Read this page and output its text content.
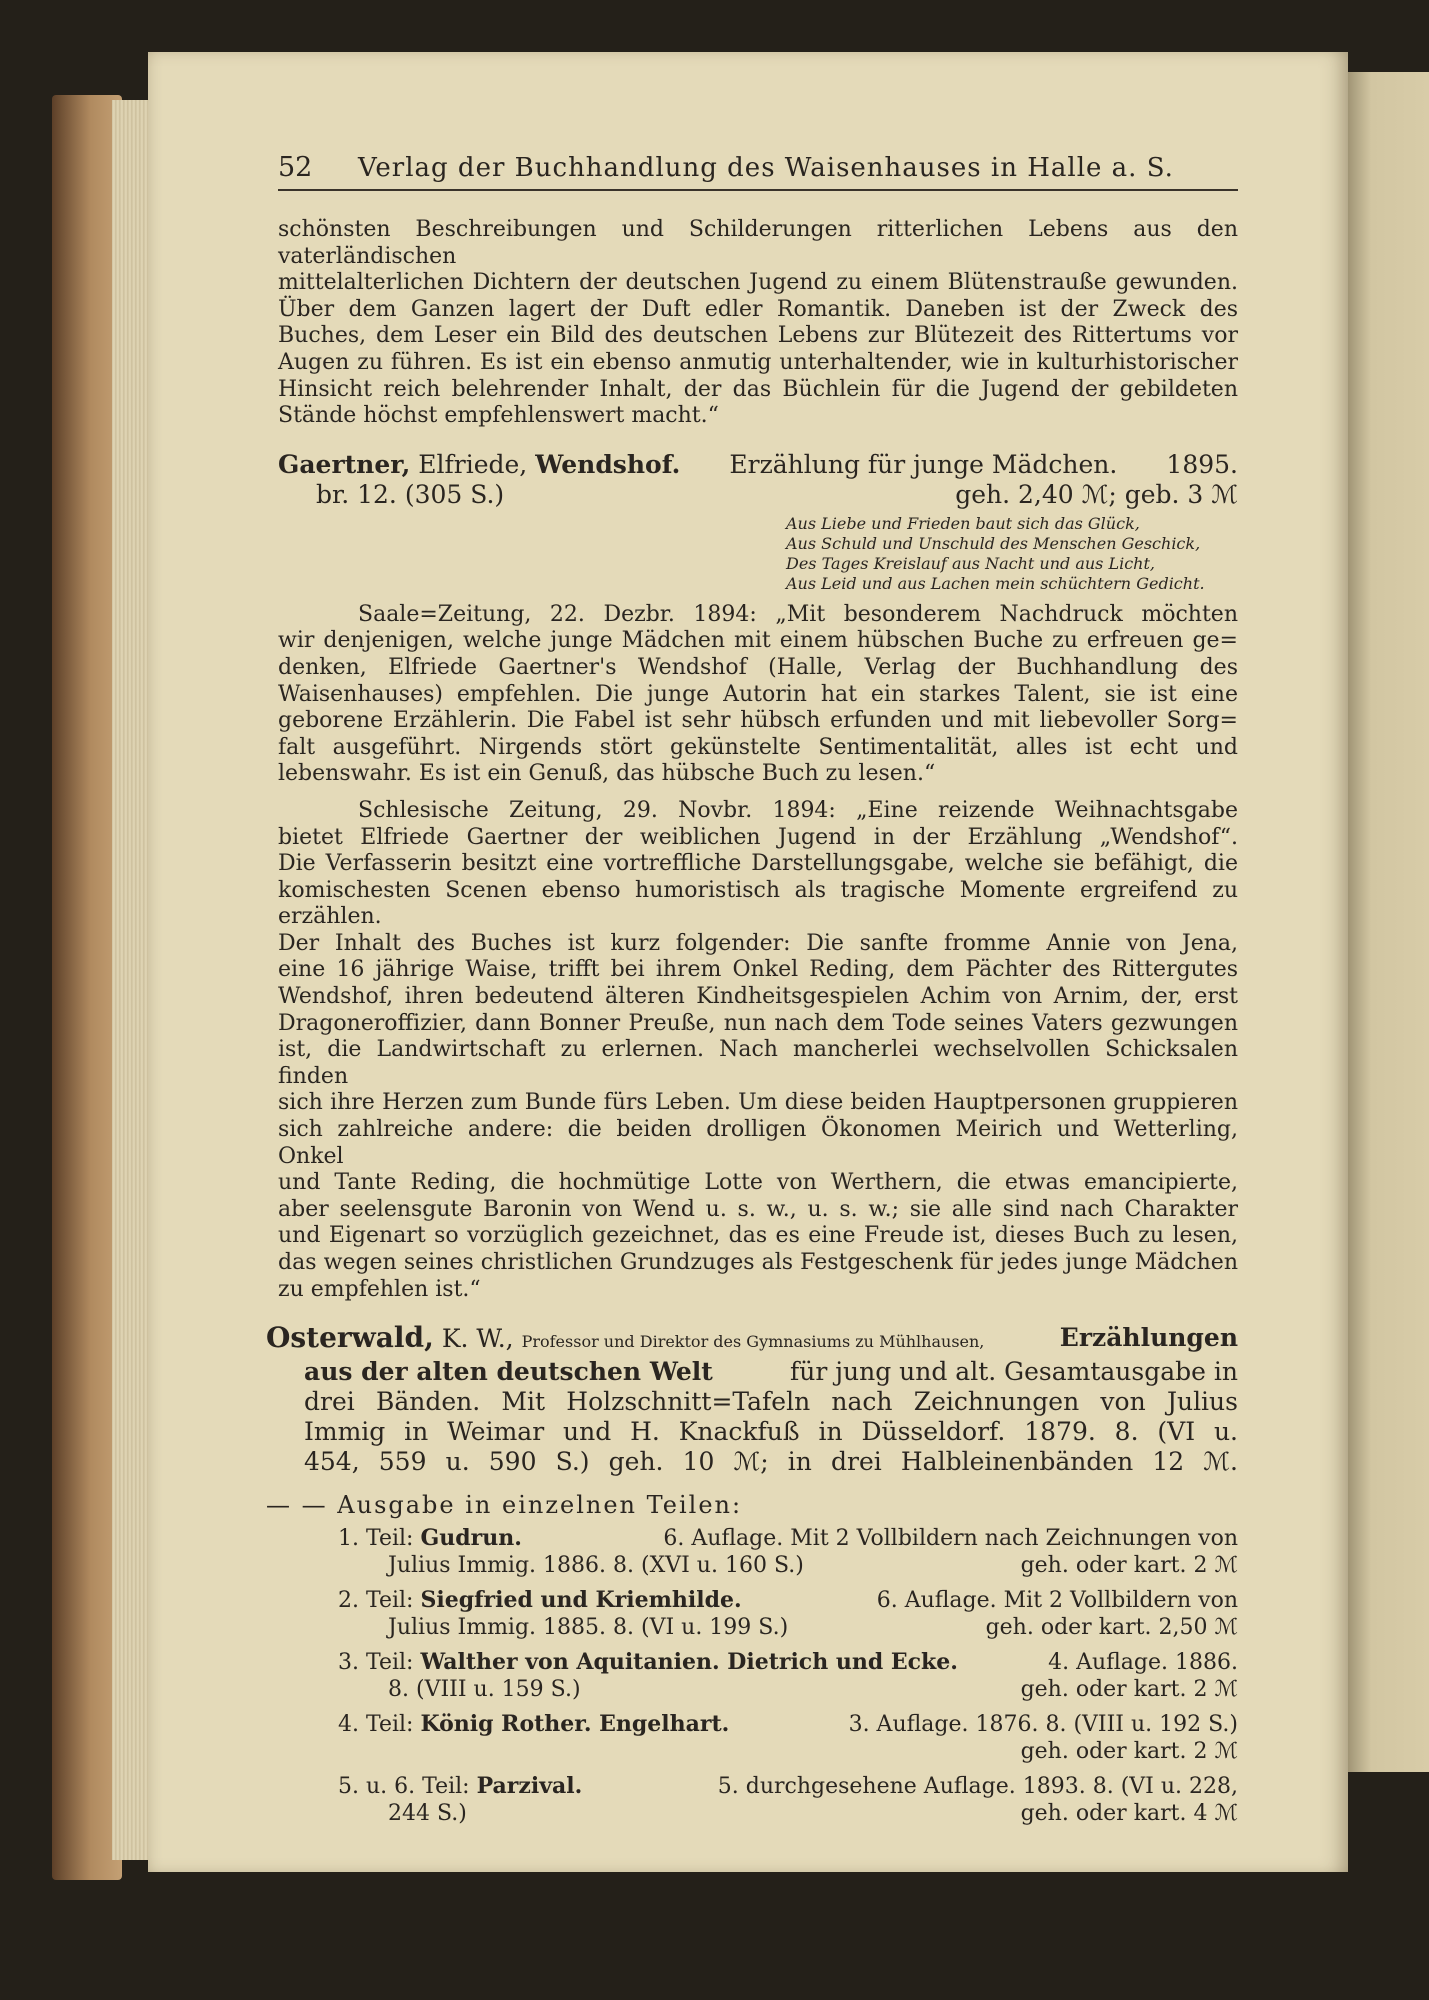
52	Verlag der Buchhandlung des Waisenhauses in Halle a. S.

schönsten Beschreibungen und Schilderungen ritterlichen Lebens aus den vaterländischen
mittelalterlichen Dichtern der deutschen Jugend zu einem Blütenstrauße gewunden.
Über dem Ganzen lagert der Duft edler Romantik. Daneben ist der Zweck des
Buches, dem Leser ein Bild des deutschen Lebens zur Blütezeit des Rittertums vor
Augen zu führen. Es ist ein ebenso anmutig unterhaltender, wie in kulturhistorischer
Hinsicht reich belehrender Inhalt, der das Büchlein für die Jugend der gebildeten
Stände höchst empfehlenswert macht.“

Gaertner, Elfriede, Wendshof. Erzählung für junge Mädchen. 1895.
br. 12. (305 S.)	geh. 2,40 ℳ; geb. 3 ℳ
Aus Liebe und Frieden baut sich das Glück,
Aus Schuld und Unschuld des Menschen Geschick,
Des Tages Kreislauf aus Nacht und aus Licht,
Aus Leid und aus Lachen mein schüchtern Gedicht.

Saale=Zeitung, 22. Dezbr. 1894: „Mit besonderem Nachdruck möchten
wir denjenigen, welche junge Mädchen mit einem hübschen Buche zu erfreuen ge=
denken, Elfriede Gaertner's Wendshof (Halle, Verlag der Buchhandlung des
Waisenhauses) empfehlen. Die junge Autorin hat ein starkes Talent, sie ist eine
geborene Erzählerin. Die Fabel ist sehr hübsch erfunden und mit liebevoller Sorg=
falt ausgeführt. Nirgends stört gekünstelte Sentimentalität, alles ist echt und
lebenswahr. Es ist ein Genuß, das hübsche Buch zu lesen.“

Schlesische Zeitung, 29. Novbr. 1894: „Eine reizende Weihnachtsgabe
bietet Elfriede Gaertner der weiblichen Jugend in der Erzählung „Wendshof“.
Die Verfasserin besitzt eine vortreffliche Darstellungsgabe, welche sie befähigt, die
komischesten Scenen ebenso humoristisch als tragische Momente ergreifend zu erzählen.
Der Inhalt des Buches ist kurz folgender: Die sanfte fromme Annie von Jena,
eine 16 jährige Waise, trifft bei ihrem Onkel Reding, dem Pächter des Rittergutes
Wendshof, ihren bedeutend älteren Kindheitsgespielen Achim von Arnim, der, erst
Dragoneroffizier, dann Bonner Preuße, nun nach dem Tode seines Vaters gezwungen
ist, die Landwirtschaft zu erlernen. Nach mancherlei wechselvollen Schicksalen finden
sich ihre Herzen zum Bunde fürs Leben. Um diese beiden Hauptpersonen gruppieren
sich zahlreiche andere: die beiden drolligen Ökonomen Meirich und Wetterling, Onkel
und Tante Reding, die hochmütige Lotte von Werthern, die etwas emancipierte,
aber seelensgute Baronin von Wend u. s. w., u. s. w.; sie alle sind nach Charakter
und Eigenart so vorzüglich gezeichnet, das es eine Freude ist, dieses Buch zu lesen,
das wegen seines christlichen Grundzuges als Festgeschenk für jedes junge Mädchen
zu empfehlen ist.“

Osterwald, K. W., Professor und Direktor des Gymnasiums zu Mühlhausen,	Erzählungen
aus der alten deutschen Welt	für jung und alt. Gesamtausgabe in
drei Bänden. Mit Holzschnitt=Tafeln nach Zeichnungen von Julius
Immig in Weimar und H. Knackfuß in Düsseldorf. 1879. 8. (VI u.
454, 559 u. 590 S.) geh. 10 ℳ; in drei Halbleinenbänden 12 ℳ.
— — Ausgabe in einzelnen Teilen:
1. Teil: Gudrun.	6. Auflage. Mit 2 Vollbildern nach Zeichnungen von
Julius Immig. 1886. 8. (XVI u. 160 S.)	geh. oder kart. 2 ℳ
2. Teil: Siegfried und Kriemhilde.	6. Auflage. Mit 2 Vollbildern von
Julius Immig. 1885. 8. (VI u. 199 S.)	geh. oder kart. 2,50 ℳ
3. Teil: Walther von Aquitanien. Dietrich und Ecke.	4. Auflage. 1886.
8. (VIII u. 159 S.)	geh. oder kart. 2 ℳ
4. Teil: König Rother. Engelhart.	3. Auflage. 1876. 8. (VIII u. 192 S.)
geh. oder kart. 2 ℳ
5. u. 6. Teil: Parzival.	5. durchgesehene Auflage. 1893. 8. (VI u. 228,
244 S.)	geh. oder kart. 4 ℳ
